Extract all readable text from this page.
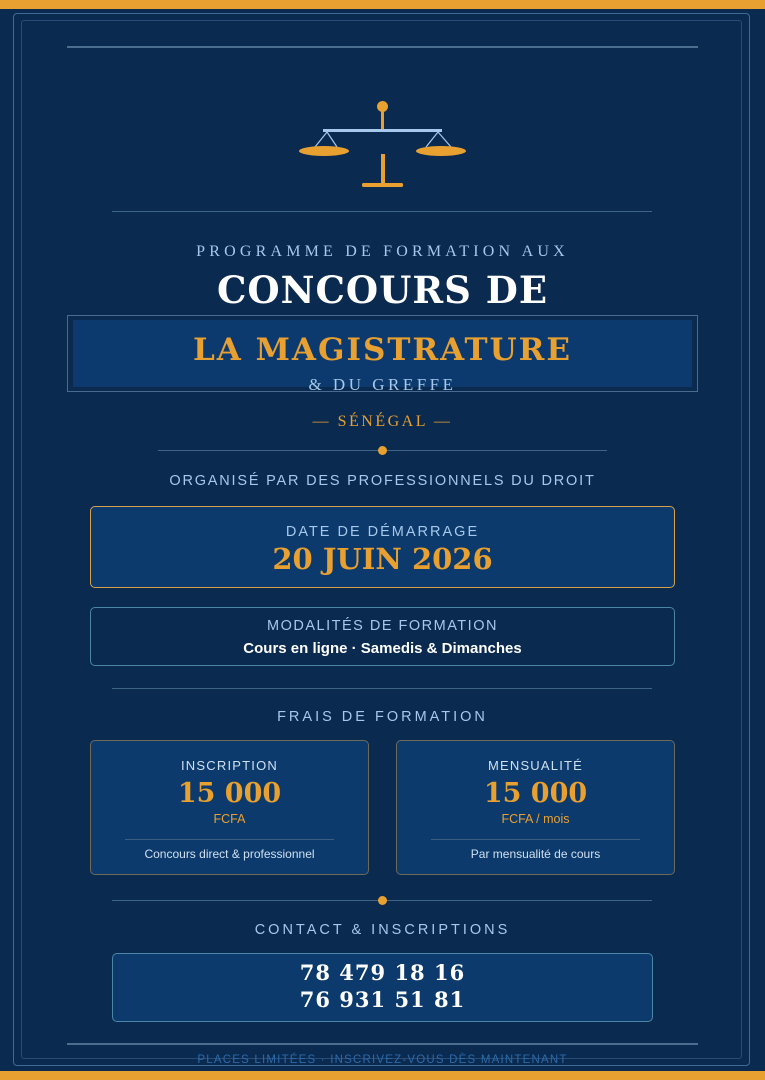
PROGRAMME DE FORMATION AUX
CONCOURS DE
LA MAGISTRATURE
& DU GREFFE
— SÉNÉGAL —
ORGANISÉ PAR DES PROFESSIONNELS DU DROIT
DATE DE DÉMARRAGE
20 JUIN 2026
MODALITÉS DE FORMATION
Cours en ligne · Samedis & Dimanches
FRAIS DE FORMATION
INSCRIPTION
15 000
FCFA
Concours direct & professionnel
MENSUALITÉ
15 000
FCFA / mois
Par mensualité de cours
CONTACT & INSCRIPTIONS
78 479 18 16
76 931 51 81
PLACES LIMITÉES · INSCRIVEZ-VOUS DÈS MAINTENANT
